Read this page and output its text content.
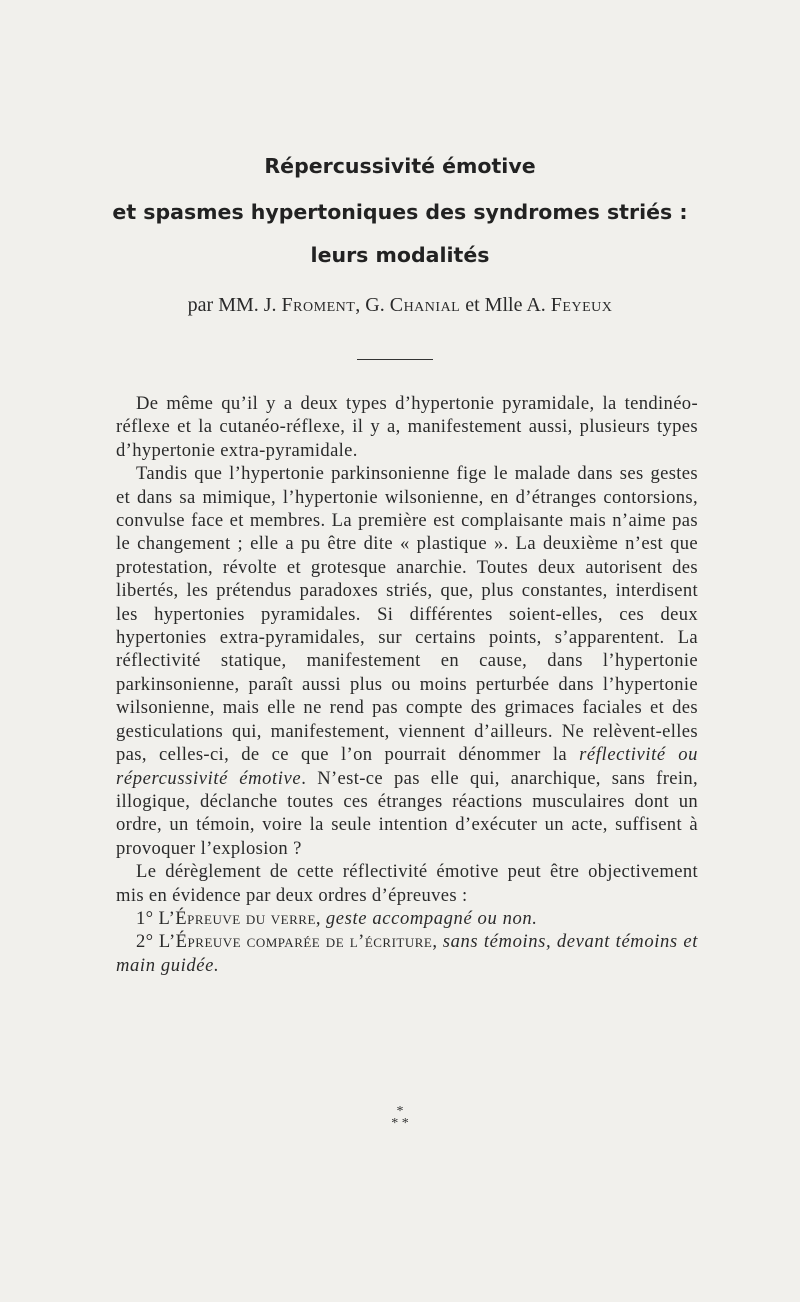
Répercussivité émotive
et spasmes hypertoniques des syndromes striés :
leurs modalités
par MM. J. Froment, G. Chanial et Mlle A. Feyeux

De même qu’il y a deux types d’hypertonie pyramidale, la tendinéo-réflexe et la cutanéo-réflexe, il y a, manifestement aussi, plusieurs types d’hypertonie extra-pyramidale.

Tandis que l’hypertonie parkinsonienne fige le malade dans ses gestes et dans sa mimique, l’hypertonie wilsonienne, en d’étranges contorsions, convulse face et membres. La première est complaisante mais n’aime pas le changement ; elle a pu être dite « plastique ». La deuxième n’est que protestation, révolte et grotesque anarchie. Toutes deux autorisent des libertés, les prétendus paradoxes striés, que, plus constantes, interdisent les hypertonies pyramidales. Si différentes soient-elles, ces deux hypertonies extra-pyramidales, sur certains points, s’apparentent. La réflectivité statique, manifestement en cause, dans l’hypertonie parkinsonienne, paraît aussi plus ou moins perturbée dans l’hypertonie wilsonienne, mais elle ne rend pas compte des grimaces faciales et des gesticulations qui, manifestement, viennent d’ailleurs. Ne relèvent-elles pas, celles-ci, de ce que l’on pourrait dénommer la réflectivité ou répercussivité émotive. N’est-ce pas elle qui, anarchique, sans frein, illogique, déclanche toutes ces étranges réactions musculaires dont un ordre, un témoin, voire la seule intention d’exécuter un acte, suffisent à provoquer l’explosion ?

Le dérèglement de cette réflectivité émotive peut être objectivement mis en évidence par deux ordres d’épreuves :

1° L’Épreuve du verre, geste accompagné ou non.

2° L’Épreuve comparée de l’écriture, sans témoins, devant témoins et main guidée.

*
* *
